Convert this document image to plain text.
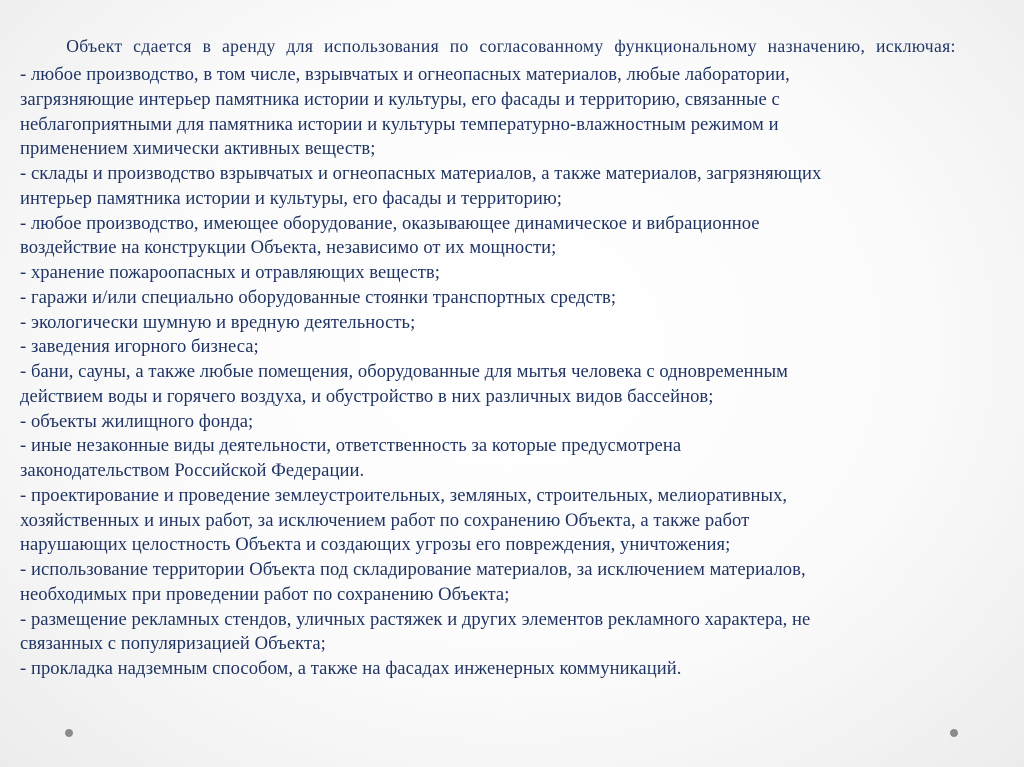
Объект сдается в аренду для использования по согласованному функциональному назначению, исключая:

- любое производство, в том числе, взрывчатых и огнеопасных материалов, любые лаборатории,
загрязняющие интерьер памятника истории и культуры, его фасады и территорию, связанные с
неблагоприятными для памятника истории и культуры температурно-влажностным режимом и
применением химически активных веществ;
- склады и производство взрывчатых и огнеопасных материалов, а также материалов, загрязняющих
интерьер памятника истории и культуры, его фасады и территорию;
- любое производство, имеющее оборудование, оказывающее динамическое и вибрационное
воздействие на конструкции Объекта, независимо от их мощности;
- хранение пожароопасных и отравляющих веществ;
- гаражи и/или специально оборудованные стоянки транспортных средств;
- экологически шумную и вредную деятельность;
- заведения игорного бизнеса;
- бани, сауны, а также любые помещения, оборудованные для мытья человека с одновременным
действием воды и горячего воздуха, и обустройство в них различных видов бассейнов;
- объекты жилищного фонда;
- иные незаконные виды деятельности, ответственность за которые предусмотрена
законодательством Российской Федерации.
- проектирование и проведение землеустроительных, земляных, строительных, мелиоративных,
хозяйственных и иных работ, за исключением работ по сохранению Объекта, а также работ
нарушающих целостность Объекта и создающих угрозы его повреждения, уничтожения;
- использование территории Объекта под складирование материалов, за исключением материалов,
необходимых при проведении работ по сохранению Объекта;
- размещение рекламных стендов, уличных растяжек и других элементов рекламного характера, не
связанных с популяризацией Объекта;
- прокладка надземным способом, а также на фасадах инженерных коммуникаций.
